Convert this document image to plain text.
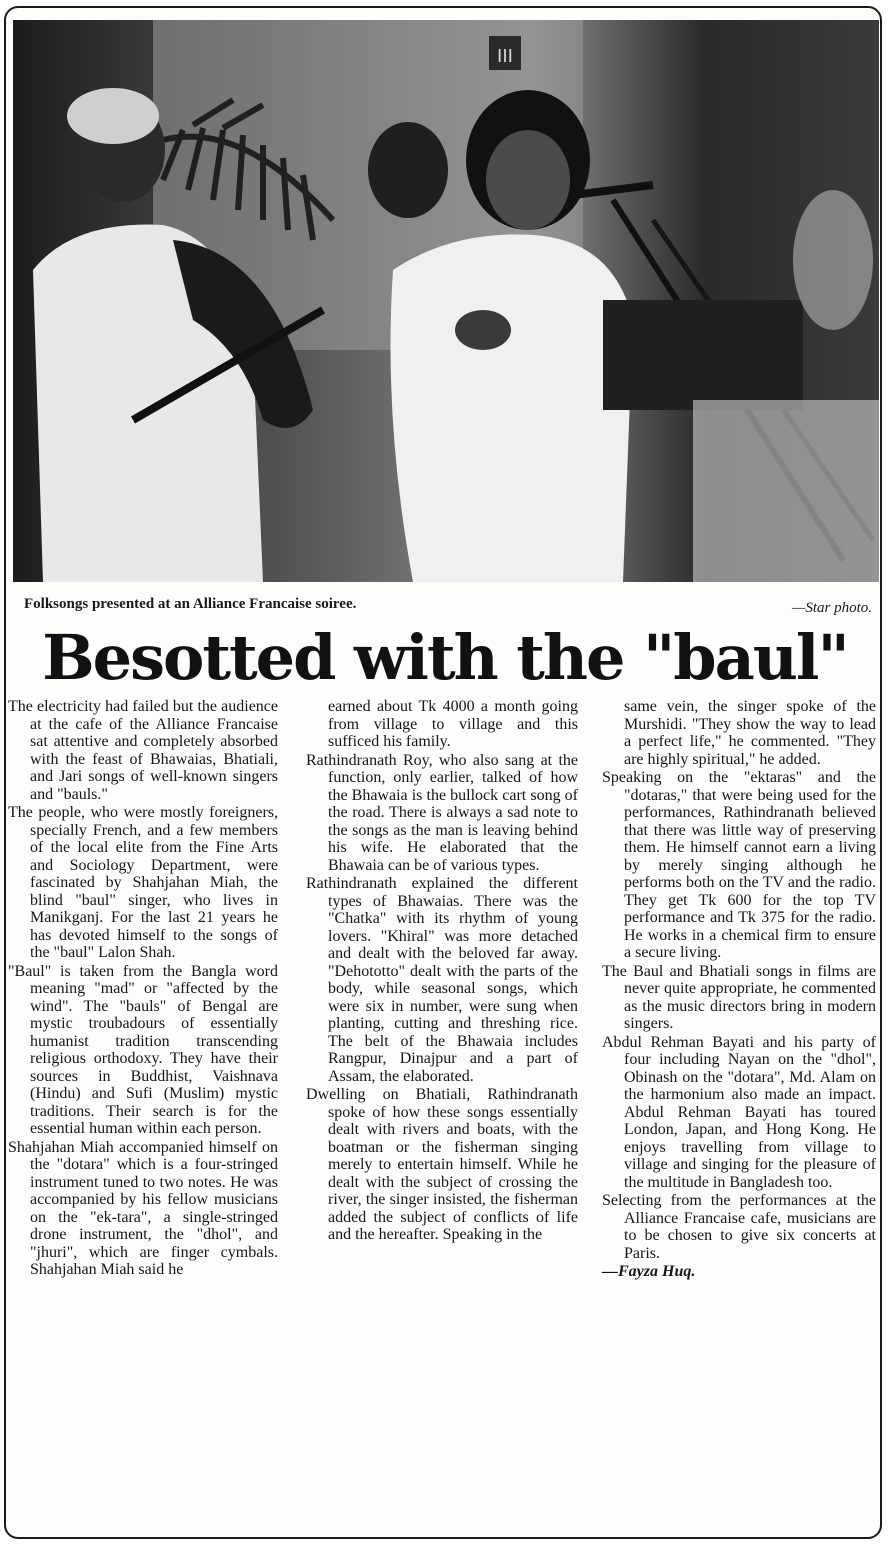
III
Folksongs presented at an Alliance Francaise soiree.	—Star photo.
Besotted with the "baul"

The electricity had failed but the audience at the cafe of the Alliance Francaise sat attentive and completely absorbed with the feast of Bhawaias, Bhatiali, and Jari songs of well-known singers and "bauls."

The people, who were mostly foreigners, specially French, and a few members of the local elite from the Fine Arts and Sociology Department, were fascinated by Shahjahan Miah, the blind "baul" singer, who lives in Manikganj. For the last 21 years he has devoted himself to the songs of the "baul" Lalon Shah.

"Baul" is taken from the Bangla word meaning "mad" or "affected by the wind". The "bauls" of Bengal are mystic troubadours of essentially humanist tradition transcending religious orthodoxy. They have their sources in Buddhist, Vaishnava (Hindu) and Sufi (Muslim) mystic traditions. Their search is for the essential human within each person.

Shahjahan Miah accompanied himself on the "dotara" which is a four-stringed instrument tuned to two notes. He was accompanied by his fellow musicians on the "ek-tara", a single-stringed drone instrument, the "dhol", and "jhuri", which are finger cymbals. Shahjahan Miah said he

earned about Tk 4000 a month going from village to village and this sufficed his family.

Rathindranath Roy, who also sang at the function, only earlier, talked of how the Bhawaia is the bullock cart song of the road. There is always a sad note to the songs as the man is leaving behind his wife. He elaborated that the Bhawaia can be of various types.

Rathindranath explained the different types of Bhawaias. There was the "Chatka" with its rhythm of young lovers. "Khiral" was more detached and dealt with the beloved far away. "Dehototto" dealt with the parts of the body, while seasonal songs, which were six in number, were sung when planting, cutting and threshing rice. The belt of the Bhawaia includes Rangpur, Dinajpur and a part of Assam, the elaborated.

Dwelling on Bhatiali, Rathindranath spoke of how these songs essentially dealt with rivers and boats, with the boatman or the fisherman singing merely to entertain himself. While he dealt with the subject of crossing the river, the singer insisted, the fisherman added the subject of conflicts of life and the hereafter. Speaking in the

same vein, the singer spoke of the Murshidi. "They show the way to lead a perfect life," he commented. "They are highly spiritual," he added.

Speaking on the "ektaras" and the "dotaras," that were being used for the performances, Rathindranath believed that there was little way of preserving them. He himself cannot earn a living by merely singing although he performs both on the TV and the radio. They get Tk 600 for the top TV performance and Tk 375 for the radio. He works in a chemical firm to ensure a secure living.

The Baul and Bhatiali songs in films are never quite appropriate, he commented as the music directors bring in modern singers.

Abdul Rehman Bayati and his party of four including Nayan on the "dhol", Obinash on the "dotara", Md. Alam on the harmonium also made an impact. Abdul Rehman Bayati has toured London, Japan, and Hong Kong. He enjoys travelling from village to village and singing for the pleasure of the multitude in Bangladesh too.

Selecting from the performances at the Alliance Francaise cafe, musicians are to be chosen to give six concerts at Paris.

—Fayza Huq.
